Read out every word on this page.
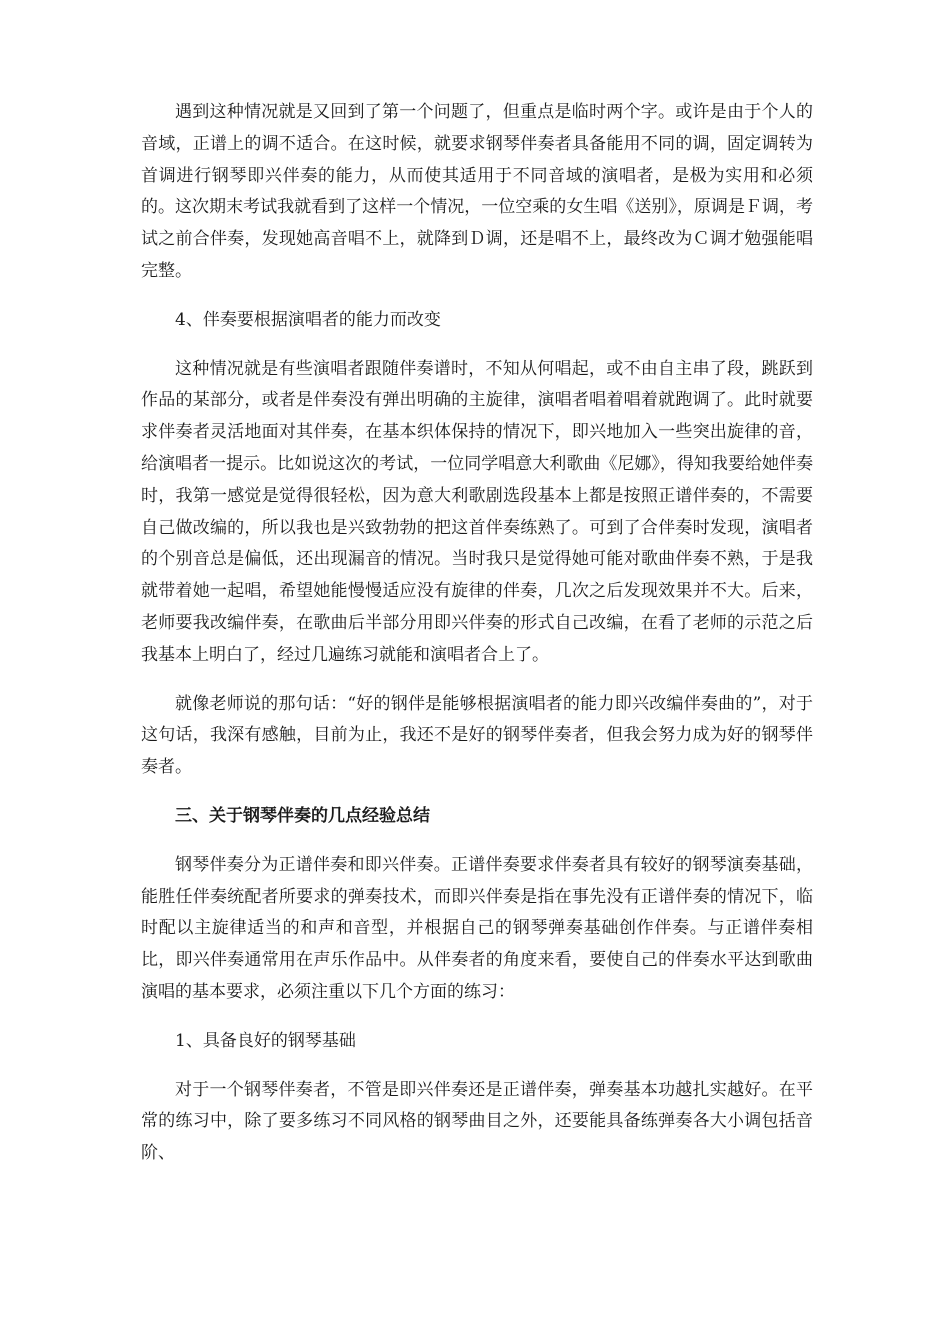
遇到这种情况就是又回到了第一个问题了，但重点是临时两个字。或许是由于个人的音域，正谱上的调不适合。在这时候，就要求钢琴伴奏者具备能用不同的调，固定调转为首调进行钢琴即兴伴奏的能力，从而使其适用于不同音域的演唱者，是极为实用和必须的。这次期末考试我就看到了这样一个情况，一位空乘的女生唱《送别》，原调是Ｆ调，考试之前合伴奏，发现她高音唱不上，就降到Ｄ调，还是唱不上，最终改为Ｃ调才勉强能唱完整。

4、伴奏要根据演唱者的能力而改变

这种情况就是有些演唱者跟随伴奏谱时，不知从何唱起，或不由自主串了段，跳跃到作品的某部分，或者是伴奏没有弹出明确的主旋律，演唱者唱着唱着就跑调了。此时就要求伴奏者灵活地面对其伴奏，在基本织体保持的情况下，即兴地加入一些突出旋律的音，给演唱者一提示。比如说这次的考试，一位同学唱意大利歌曲《尼娜》，得知我要给她伴奏时，我第一感觉是觉得很轻松，因为意大利歌剧选段基本上都是按照正谱伴奏的，不需要自己做改编的，所以我也是兴致勃勃的把这首伴奏练熟了。可到了合伴奏时发现，演唱者的个别音总是偏低，还出现漏音的情况。当时我只是觉得她可能对歌曲伴奏不熟，于是我就带着她一起唱，希望她能慢慢适应没有旋律的伴奏，几次之后发现效果并不大。后来，老师要我改编伴奏，在歌曲后半部分用即兴伴奏的形式自己改编，在看了老师的示范之后我基本上明白了，经过几遍练习就能和演唱者合上了。

就像老师说的那句话：“好的钢伴是能够根据演唱者的能力即兴改编伴奏曲的”，对于这句话，我深有感触，目前为止，我还不是好的钢琴伴奏者，但我会努力成为好的钢琴伴奏者。

三、关于钢琴伴奏的几点经验总结

钢琴伴奏分为正谱伴奏和即兴伴奏。正谱伴奏要求伴奏者具有较好的钢琴演奏基础，能胜任伴奏统配者所要求的弹奏技术，而即兴伴奏是指在事先没有正谱伴奏的情况下，临时配以主旋律适当的和声和音型，并根据自己的钢琴弹奏基础创作伴奏。与正谱伴奏相比，即兴伴奏通常用在声乐作品中。从伴奏者的角度来看，要使自己的伴奏水平达到歌曲演唱的基本要求，必须注重以下几个方面的练习：

1、具备良好的钢琴基础

对于一个钢琴伴奏者，不管是即兴伴奏还是正谱伴奏，弹奏基本功越扎实越好。在平常的练习中，除了要多练习不同风格的钢琴曲目之外，还要能具备练弹奏各大小调包括音阶、
